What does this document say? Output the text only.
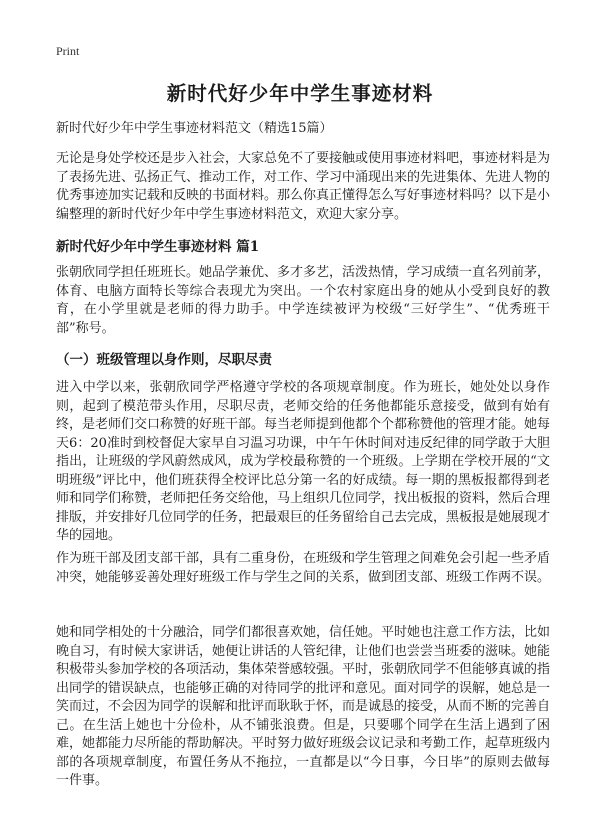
Print
新时代好少年中学生事迹材料

新时代好少年中学生事迹材料范文（精选15篇）

无论是身处学校还是步入社会，大家总免不了要接触或使用事迹材料吧，事迹材料是为了表扬先进、弘扬正气、推动工作，对工作、学习中涌现出来的先进集体、先进人物的优秀事迹加实记载和反映的书面材料。那么你真正懂得怎么写好事迹材料吗？以下是小编整理的新时代好少年中学生事迹材料范文，欢迎大家分享。

新时代好少年中学生事迹材料 篇1

张朝欣同学担任班班长。她品学兼优、多才多艺，活泼热情，学习成绩一直名列前茅，体育、电脑方面特长等综合表现尤为突出。一个农村家庭出身的她从小受到良好的教育，在小学里就是老师的得力助手。中学连续被评为校级“三好学生”、“优秀班干部”称号。

（一）班级管理以身作则，尽职尽责

进入中学以来，张朝欣同学严格遵守学校的各项规章制度。作为班长，她处处以身作则，起到了模范带头作用，尽职尽责，老师交给的任务他都能乐意接受，做到有始有终，是老师们交口称赞的好班干部。每当老师提到他都个个都称赞他的管理才能。她每天6：20准时到校督促大家早自习温习功课，中午午休时间对违反纪律的同学敢于大胆指出，让班级的学风蔚然成风，成为学校最称赞的一个班级。上学期在学校开展的“文明班级”评比中，他们班获得全校评比总分第一名的好成绩。每一期的黑板报都得到老师和同学们称赞，老师把任务交给他，马上组织几位同学，找出板报的资料，然后合理排版，并安排好几位同学的任务，把最艰巨的任务留给自己去完成，黑板报是她展现才华的园地。

作为班干部及团支部干部，具有二重身份，在班级和学生管理之间难免会引起一些矛盾冲突，她能够妥善处理好班级工作与学生之间的关系，做到团支部、班级工作两不误。

她和同学相处的十分融洽，同学们都很喜欢她，信任她。平时她也注意工作方法，比如晚自习，有时候大家讲话，她便让讲话的人管纪律，让他们也尝尝当班委的滋味。她能积极带头参加学校的各项活动，集体荣誉感较强。平时，张朝欣同学不但能够真诚的指出同学的错误缺点，也能够正确的对待同学的批评和意见。面对同学的误解，她总是一笑而过，不会因为同学的误解和批评而耿耿于怀，而是诚恳的接受，从而不断的完善自己。在生活上她也十分俭朴，从不铺张浪费。但是，只要哪个同学在生活上遇到了困难，她都能力尽所能的帮助解决。平时努力做好班级会议记录和考勤工作，起草班级内部的各项规章制度，布置任务从不拖拉，一直都是以“今日事，今日毕”的原则去做每一件事。
